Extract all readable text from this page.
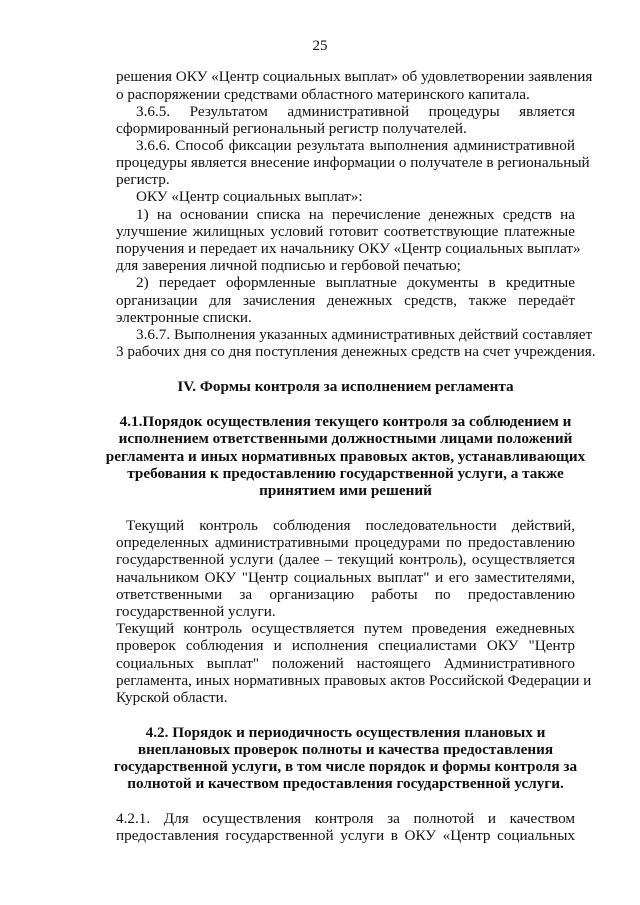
25
решения ОКУ «Центр социальных выплат» об удовлетворении заявления
о распоряжении средствами областного материнского капитала.
3.6.5. Результатом административной процедуры является
сформированный региональный регистр получателей.
3.6.6. Способ фиксации результата выполнения административной
процедуры является внесение информации о получателе в региональный
регистр.
ОКУ «Центр социальных выплат»:
1) на основании списка на перечисление денежных средств на
улучшение жилищных условий готовит соответствующие платежные
поручения и передает их начальнику ОКУ «Центр социальных выплат»
для заверения личной подписью и гербовой печатью;
2) передает оформленные выплатные документы в кредитные
организации для зачисления денежных средств, также передаёт
электронные списки.
3.6.7. Выполнения указанных административных действий составляет
3 рабочих дня со дня поступления денежных средств на счет учреждения.
IV. Формы контроля за исполнением регламента
4.1.Порядок осуществления текущего контроля за соблюдением и
исполнением ответственными должностными лицами положений
регламента и иных нормативных правовых актов, устанавливающих
требования к предоставлению государственной услуги, а также
принятием ими решений
Текущий контроль соблюдения последовательности действий,
определенных административными процедурами по предоставлению
государственной услуги (далее – текущий контроль), осуществляется
начальником ОКУ "Центр социальных выплат" и его заместителями,
ответственными за организацию работы по предоставлению
государственной услуги.
Текущий контроль осуществляется путем проведения ежедневных
проверок соблюдения и исполнения специалистами ОКУ "Центр
социальных выплат" положений настоящего Административного
регламента, иных нормативных правовых актов Российской Федерации и
Курской области.
4.2. Порядок и периодичность осуществления плановых и
внеплановых проверок полноты и качества предоставления
государственной услуги, в том числе порядок и формы контроля за
полнотой и качеством предоставления государственной услуги.
4.2.1. Для осуществления контроля за полнотой и качеством
предоставления государственной услуги в ОКУ «Центр социальных
